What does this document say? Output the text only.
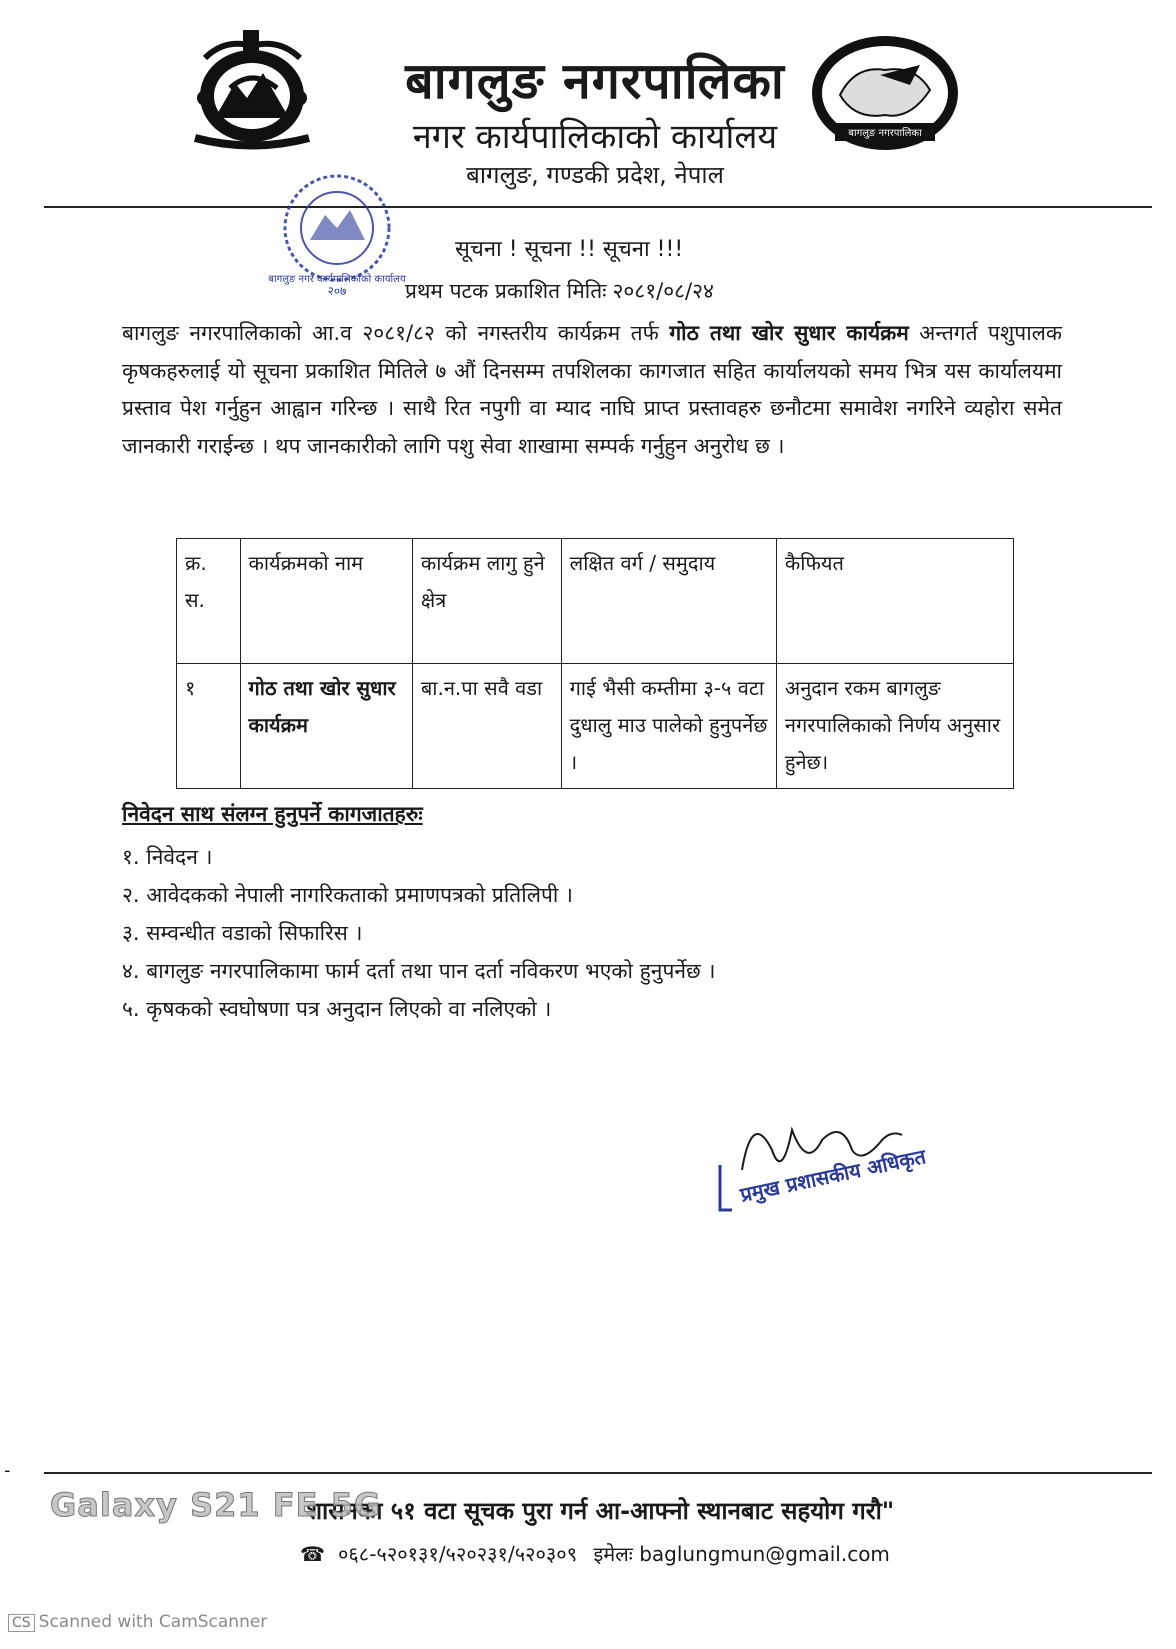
बागलुङ नगरपालिका
नगर कार्यपालिकाको कार्यालय
बागलुङ, गण्डकी प्रदेश, नेपाल
बागलुङ नगरपालिका
२०७
बागलुङ नगर कार्यपालिकाको कार्यालय
सूचना ! सूचना !! सूचना !!!
प्रथम पटक प्रकाशित मितिः २०८१/०८/२४
बागलुङ नगरपालिकाको आ.व २०८१/८२ को नगस्तरीय कार्यक्रम तर्फ गोठ तथा खोर सुधार कार्यक्रम अन्तगर्त पशुपालक कृषकहरुलाई यो सूचना प्रकाशित मितिले ७ औं दिनसम्म तपशिलका कागजात सहित कार्यालयको समय भित्र यस कार्यालयमा प्रस्ताव पेश गर्नुहुन आह्वान गरिन्छ । साथै रित नपुगी वा म्याद नाघि प्राप्त प्रस्तावहरु छनौटमा समावेश नगरिने व्यहोरा समेत जानकारी गराईन्छ । थप जानकारीको लागि पशु सेवा शाखामा सम्पर्क गर्नुहुन अनुरोध छ ।
क्र. स.	कार्यक्रमको नाम	कार्यक्रम लागु हुने क्षेत्र	लक्षित वर्ग / समुदाय	कैफियत
१	गोठ तथा खोर सुधार कार्यक्रम	बा.न.पा सवै वडा	गाई भैसी कम्तीमा ३-५ वटा दुधालु माउ पालेको हुनुपर्नेछ ।	अनुदान रकम बागलुङ नगरपालिकाको निर्णय अनुसार हुनेछ।
निवेदन साथ संलग्न हुनुपर्ने कागजातहरुः
१. निवेदन ।
२. आवेदकको नेपाली नागरिकताको प्रमाणपत्रको प्रतिलिपी ।
३. सम्वन्धीत वडाको सिफारिस ।
४. बागलुङ नगरपालिकामा फार्म दर्ता तथा पान दर्ता नविकरण भएको हुनुपर्नेछ ।
५. कृषकको स्वघोषणा पत्र अनुदान लिएको वा नलिएको ।
प्रमुख प्रशासकीय अधिकृत
-
शासनका ५१ वटा सूचक पुरा गर्न आ-आफ्नो स्थानबाट सहयोग गरौ"
Galaxy S21 FE 5G
☎ ०६८-५२०१३१/५२०२३१/५२०३०९ इमेलः baglungmun@gmail.com
CS Scanned with CamScanner
